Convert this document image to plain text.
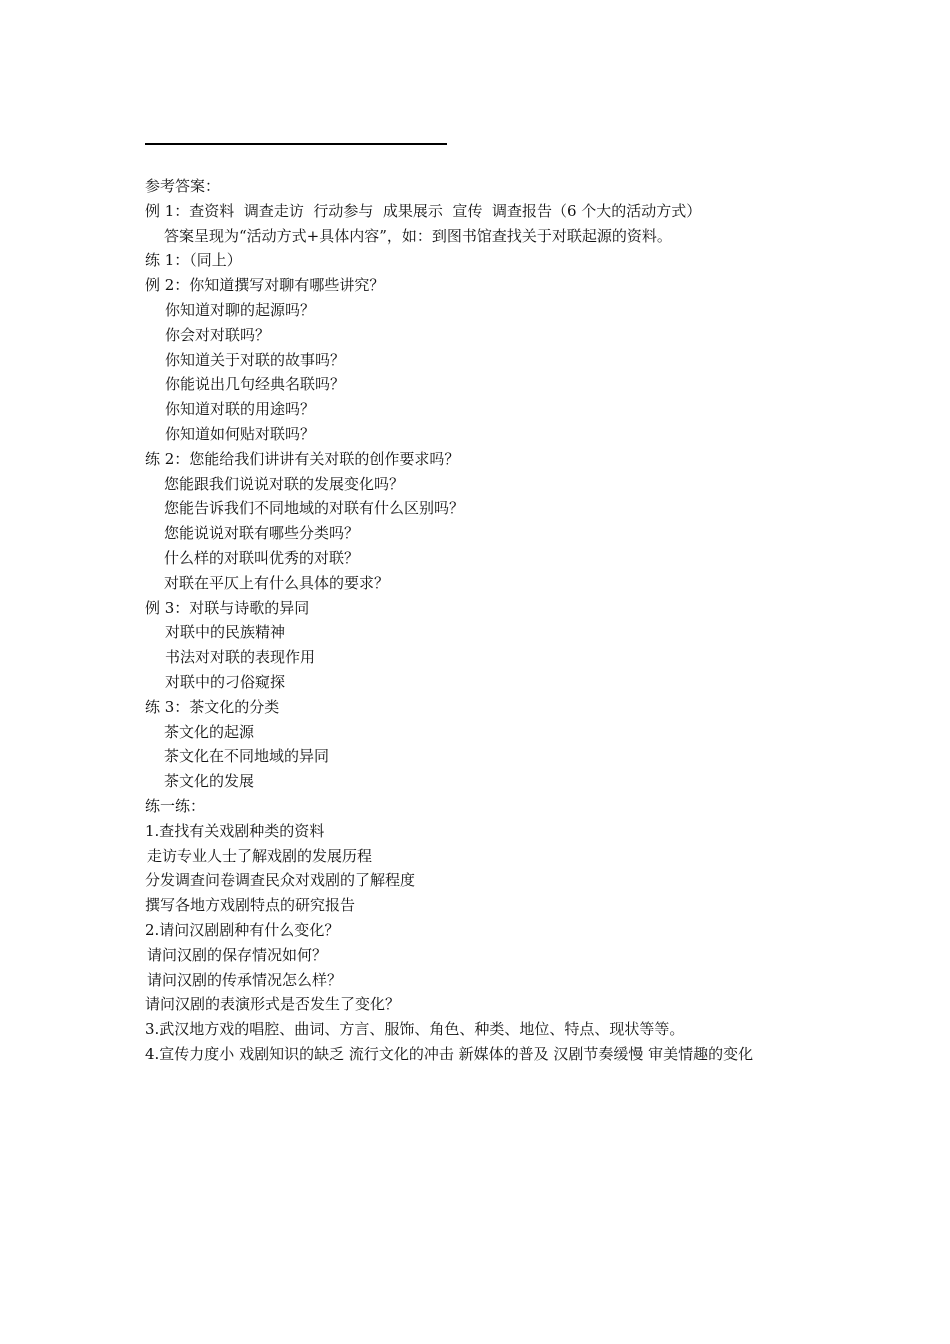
参考答案：
例 1：查资料  调查走访  行动参与  成果展示  宣传  调查报告（6 个大的活动方式）
答案呈现为“活动方式+具体内容”，如：到图书馆查找关于对联起源的资料。
练 1：（同上）
例 2：你知道撰写对聊有哪些讲究？
你知道对聊的起源吗？
你会对对联吗？
你知道关于对联的故事吗？
你能说出几句经典名联吗？
你知道对联的用途吗？
你知道如何贴对联吗？
练 2：您能给我们讲讲有关对联的创作要求吗？
您能跟我们说说对联的发展变化吗？
您能告诉我们不同地域的对联有什么区别吗？
您能说说对联有哪些分类吗？
什么样的对联叫优秀的对联？
对联在平仄上有什么具体的要求？
例 3：对联与诗歌的异同
对联中的民族精神
书法对对联的表现作用
对联中的刁俗窥探
练 3：茶文化的分类
茶文化的起源
茶文化在不同地域的异同
茶文化的发展
练一练：
1.查找有关戏剧种类的资料
走访专业人士了解戏剧的发展历程
分发调查问卷调查民众对戏剧的了解程度
撰写各地方戏剧特点的研究报告
2.请问汉剧剧种有什么变化？
请问汉剧的保存情况如何？
请问汉剧的传承情况怎么样？
请问汉剧的表演形式是否发生了变化？
3.武汉地方戏的唱腔、曲词、方言、服饰、角色、种类、地位、特点、现状等等。
4.宣传力度小 戏剧知识的缺乏 流行文化的冲击 新媒体的普及 汉剧节奏缓慢 审美情趣的变化
